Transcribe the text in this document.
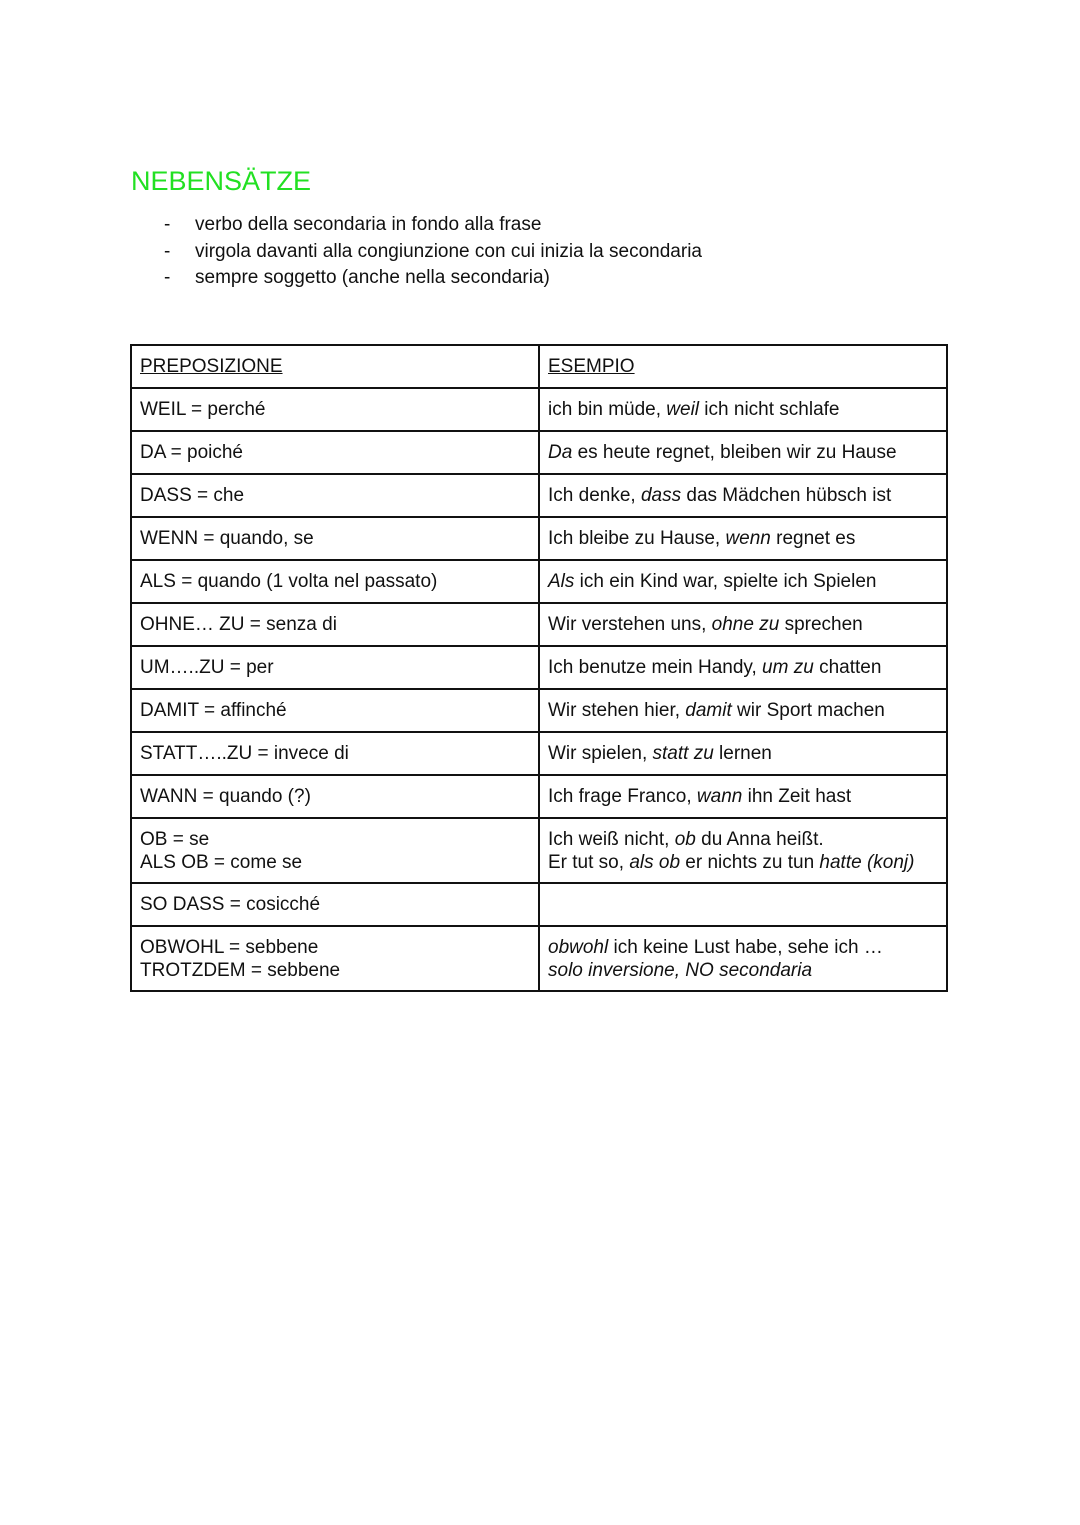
NEBENSÄTZE
- verbo della secondaria in fondo alla frase
- virgola davanti alla congiunzione con cui inizia la secondaria
- sempre soggetto (anche nella secondaria)
PREPOSIZIONE	ESEMPIO

WEIL = perché	ich bin müde, weil ich nicht schlafe

DA = poiché	Da es heute regnet, bleiben wir zu Hause

DASS = che	Ich denke, dass das Mädchen hübsch ist

WENN = quando, se	Ich bleibe zu Hause, wenn regnet es

ALS = quando (1 volta nel passato)	Als ich ein Kind war, spielte ich Spielen

OHNE… ZU = senza di	Wir verstehen uns, ohne zu sprechen

UM…..ZU = per	Ich benutze mein Handy, um zu chatten

DAMIT = affinché	Wir stehen hier, damit wir Sport machen

STATT…..ZU = invece di	Wir spielen, statt zu lernen

WANN = quando (?)	Ich frage Franco, wann ihn Zeit hast

OB = se
ALS OB = come se	Ich weiß nicht, ob du Anna heißt.
Er tut so, als ob er nichts zu tun hatte (konj)

SO DASS = cosicché	

OBWOHL = sebbene
TROTZDEM = sebbene	obwohl ich keine Lust habe, sehe ich …
solo inversione, NO secondaria
